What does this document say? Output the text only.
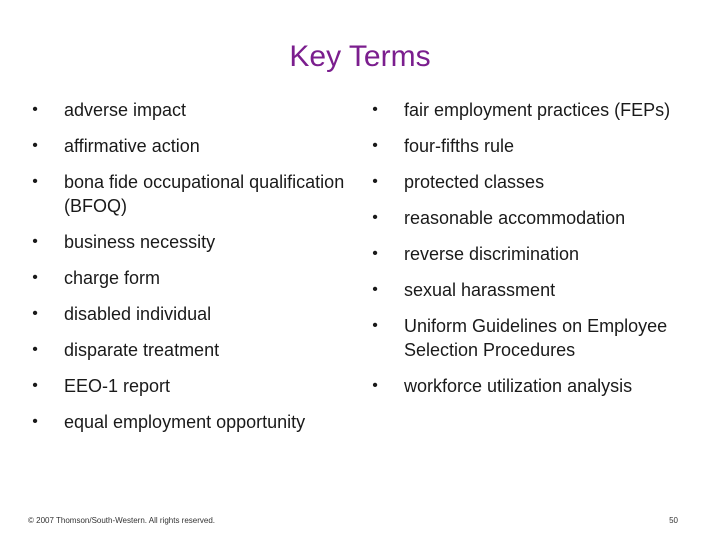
Key Terms
• adverse impact
• affirmative action
• bona fide occupational qualification (BFOQ)
• business necessity
• charge form
• disabled individual
• disparate treatment
• EEO-1 report
• equal employment opportunity
• fair employment practices (FEPs)
• four-fifths rule
• protected classes
• reasonable accommodation
• reverse discrimination
• sexual harassment
• Uniform Guidelines on Employee Selection Procedures
• workforce utilization analysis
© 2007 Thomson/South-Western. All rights reserved.	50
